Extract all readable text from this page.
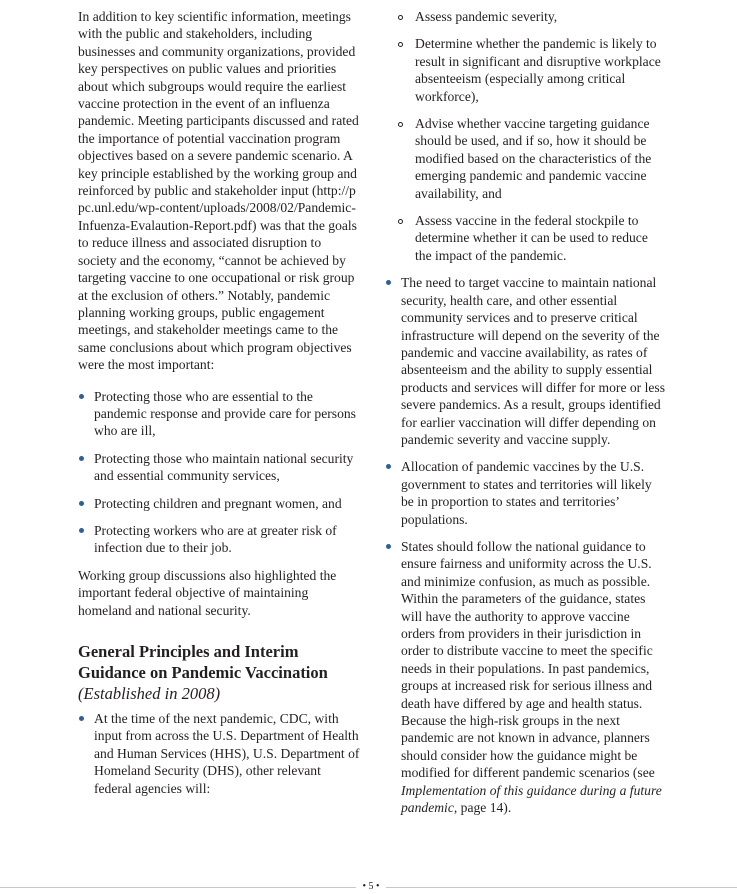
In addition to key scientific information, meetings with the public and stakeholders, including businesses and community organizations, provided key perspectives on public values and priorities about which subgroups would require the earliest vaccine protection in the event of an influenza pandemic. Meeting participants discussed and rated the importance of potential vaccination program objectives based on a severe pandemic scenario. A key principle established by the working group and reinforced by public and stakeholder input (http://ppc.unl.edu/wp-content/uploads/2008/02/Pandemic-Infuenza-Evalaution-Report.pdf) was that the goals to reduce illness and associated disruption to society and the economy, “cannot be achieved by targeting vaccine to one occupational or risk group at the exclusion of others.” Notably, pandemic planning working groups, public engagement meetings, and stakeholder meetings came to the same conclusions about which program objectives were the most important:

Protecting those who are essential to the pandemic response and provide care for persons who are ill,
Protecting those who maintain national security and essential community services,
Protecting children and pregnant women, and
Protecting workers who are at greater risk of infection due to their job.

Working group discussions also highlighted the important federal objective of maintaining homeland and national security.

General Principles and Interim Guidance on Pandemic Vaccination

(Established in 2008)

At the time of the next pandemic, CDC, with input from across the U.S. Department of Health and Human Services (HHS), U.S. Department of Homeland Security (DHS), other relevant federal agencies will:
Assess pandemic severity,
Determine whether the pandemic is likely to result in significant and disruptive workplace absenteeism (especially among critical workforce),
Advise whether vaccine targeting guidance should be used, and if so, how it should be modified based on the characteristics of the emerging pandemic and pandemic vaccine availability, and
Assess vaccine in the federal stockpile to determine whether it can be used to reduce the impact of the pandemic.
The need to target vaccine to maintain national security, health care, and other essential community services and to preserve critical infrastructure will depend on the severity of the pandemic and vaccine availability, as rates of absenteeism and the ability to supply essential products and services will differ for more or less severe pandemics. As a result, groups identified for earlier vaccination will differ depending on pandemic severity and vaccine supply.
Allocation of pandemic vaccines by the U.S. government to states and territories will likely be in proportion to states and territories’ populations.
States should follow the national guidance to ensure fairness and uniformity across the U.S. and minimize confusion, as much as possible. Within the parameters of the guidance, states will have the authority to approve vaccine orders from providers in their jurisdiction in order to distribute vaccine to meet the specific needs in their populations. In past pandemics, groups at increased risk for serious illness and death have differed by age and health status. Because the high-risk groups in the next pandemic are not known in advance, planners should consider how the guidance might be modified for different pandemic scenarios (see Implementation of this guidance during a future pandemic, page 14).
• 5 •
